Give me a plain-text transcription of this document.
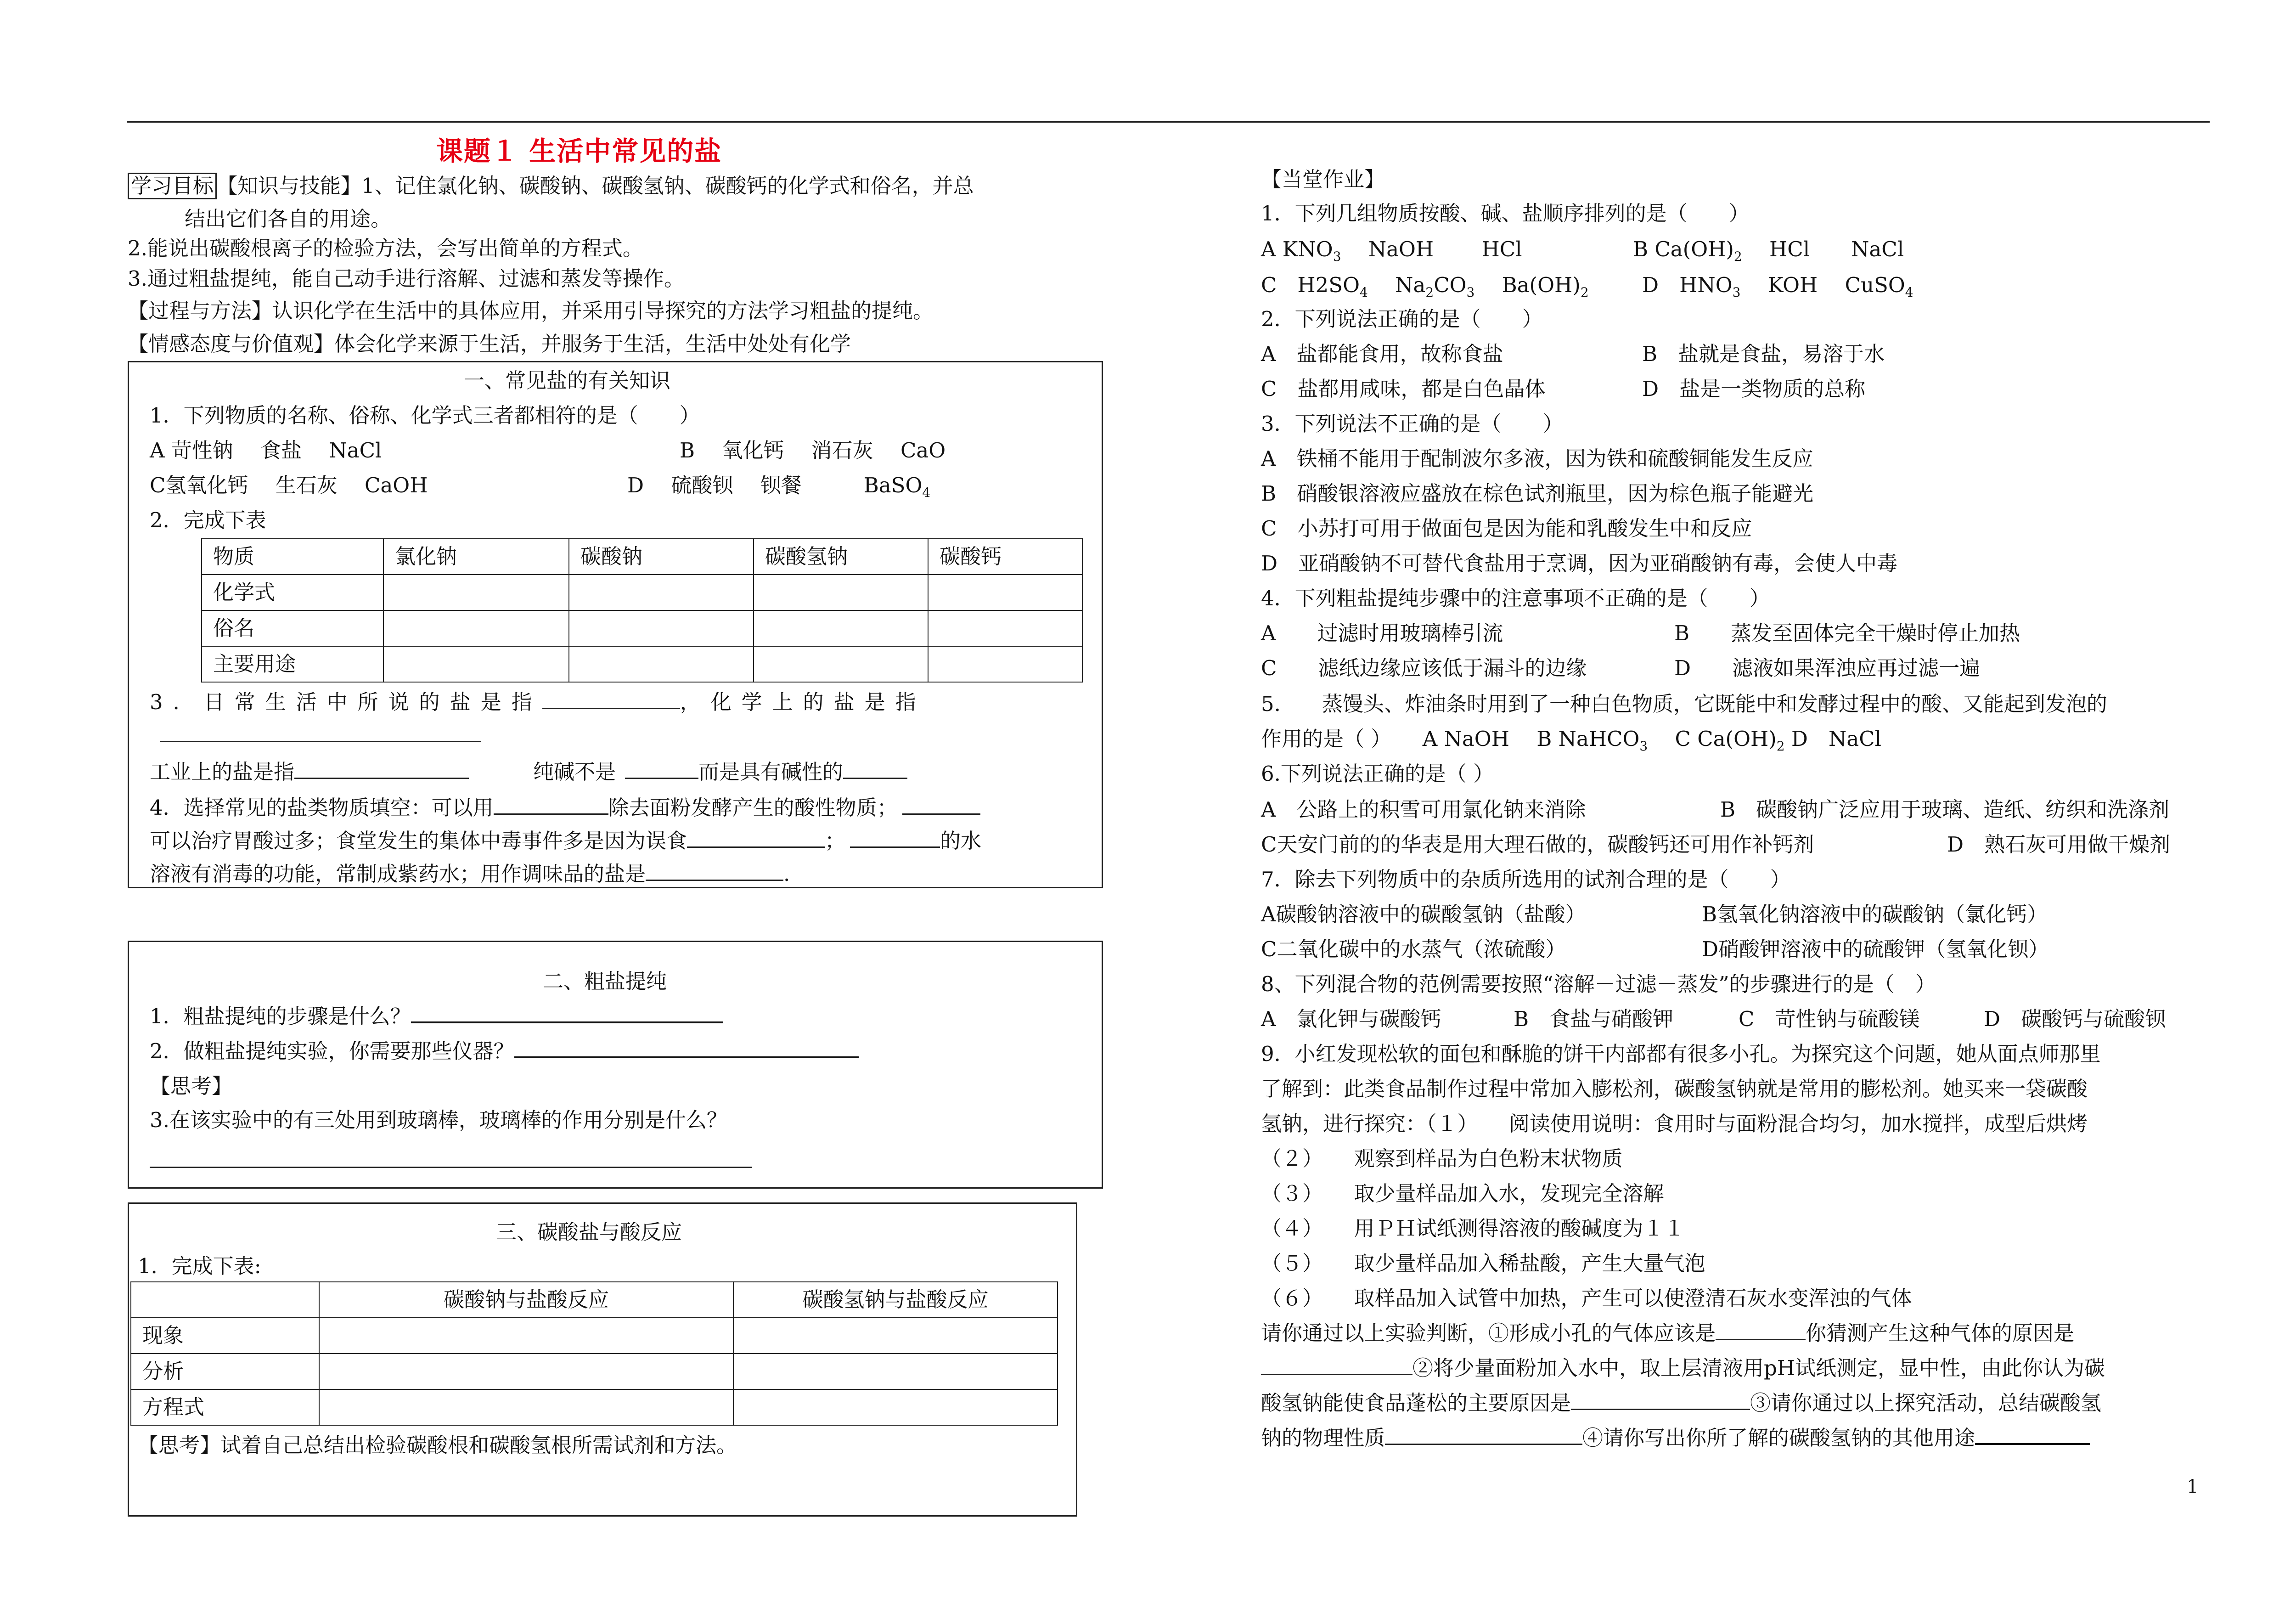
课题１ 生活中常见的盐
学习目标 【知识与技能】1、记住氯化钠、碳酸钠、碳酸氢钠、碳酸钙的化学式和俗名，并总
结出它们各自的用途。
2.能说出碳酸根离子的检验方法，会写出简单的方程式。
3.通过粗盐提纯，能自己动手进行溶解、过滤和蒸发等操作。
【过程与方法】认识化学在生活中的具体应用，并采用引导探究的方法学习粗盐的提纯。
【情感态度与价值观】体会化学来源于生活，并服务于生活，生活中处处有化学
一、常见盐的有关知识
1．下列物质的名称、俗称、化学式三者都相符的是（　　）
A 苛性钠　 食盐　 NaCl	B　 氧化钙　 消石灰　 CaO
C氢氧化钙　 生石灰　 CaOH	D　 硫酸钡　 钡餐　　　	BaSO$_4$
2．完成下表
物质	氯化钠	碳酸钠	碳酸氢钠	碳酸钙
化学式				
俗名				
主要用途				
3．日常生活中所说的盐是指	，化学上的盐是指
工业上的盐是指	纯碱不是	而是具有碱性的
4．选择常见的盐类物质填空：可以用	除去面粉发酵产生的酸性物质；
可以治疗胃酸过多；食堂发生的集体中毒事件多是因为误食	；	的水
溶液有消毒的功能，常制成紫药水；用作调味品的盐是	.
二、粗盐提纯
1．粗盐提纯的步骤是什么？
2．做粗盐提纯实验，你需要那些仪器？
【思考】
3.在该实验中的有三处用到玻璃棒，玻璃棒的作用分别是什么？
三、碳酸盐与酸反应
1．完成下表:
	碳酸钠与盐酸反应	碳酸氢钠与盐酸反应
现象		
分析		
方程式		
【思考】试着自己总结出检验碳酸根和碳酸氢根所需试剂和方法。
【当堂作业】
1．下列几组物质按酸、碱、盐顺序排列的是（　　）
A $KNO_3$　 NaOH　　 HCl	B $Ca(OH)_2$　 HCl　　NaCl
C　$H2SO_4$　 $Na_2CO_3$　 $Ba(OH)_2$	D　$HNO_3$　 KOH　 CuSO$_4$
2．下列说法正确的是（　　）
A　盐都能食用，故称食盐	B　盐就是食盐，易溶于水
C　盐都用咸味，都是白色晶体	D　盐是一类物质的总称
3．下列说法不正确的是（　　）
A　铁桶不能用于配制波尔多液，因为铁和硫酸铜能发生反应
B　硝酸银溶液应盛放在棕色试剂瓶里，因为棕色瓶子能避光
C　小苏打可用于做面包是因为能和乳酸发生中和反应
D　亚硝酸钠不可替代食盐用于烹调，因为亚硝酸钠有毒，会使人中毒
4．下列粗盐提纯步骤中的注意事项不正确的是（　　）
A　　过滤时用玻璃棒引流	B　　蒸发至固体完全干燥时停止加热
C　　滤纸边缘应该低于漏斗的边缘	D　　滤液如果浑浊应再过滤一遍
5.　　蒸馒头、炸油条时用到了一种白色物质，它既能中和发酵过程中的酸、又能起到发泡的
作用的是（ ）　　A NaOH　 B NaHCO$_3$　 C $Ca(OH)_2$ D　NaCl
6.下列说法正确的是（ ）
A　公路上的积雪可用氯化钠来消除	B　碳酸钠广泛应用于玻璃、造纸、纺织和洗涤剂
C天安门前的的华表是用大理石做的，碳酸钙还可用作补钙剂	D　熟石灰可用做干燥剂
7．除去下列物质中的杂质所选用的试剂合理的是（　　）
A碳酸钠溶液中的碳酸氢钠（盐酸）	B氢氧化钠溶液中的碳酸钠（氯化钙）
C二氧化碳中的水蒸气（浓硫酸）	D硝酸钾溶液中的硫酸钾（氢氧化钡）
8、下列混合物的范例需要按照“溶解－过滤－蒸发”的步骤进行的是（　）
A　氯化钾与碳酸钙	B　食盐与硝酸钾	C　苛性钠与硫酸镁	D　碳酸钙与硫酸钡
9．小红发现松软的面包和酥脆的饼干内部都有很多小孔。为探究这个问题，她从面点师那里
了解到：此类食品制作过程中常加入膨松剂，碳酸氢钠就是常用的膨松剂。她买来一袋碳酸
氢钠，进行探究：（１）　　阅读使用说明：食用时与面粉混合均匀，加水搅拌，成型后烘烤
（２）　　观察到样品为白色粉末状物质
（３）　　取少量样品加入水，发现完全溶解
（４）　　用ＰＨ试纸测得溶液的酸碱度为１１
（５）　　取少量样品加入稀盐酸，产生大量气泡
（６）　　取样品加入试管中加热，产生可以使澄清石灰水变浑浊的气体
请你通过以上实验判断，①形成小孔的气体应该是	你猜测产生这种气体的原因是
②将少量面粉加入水中，取上层清液用pH试纸测定，显中性，由此你认为碳
酸氢钠能使食品蓬松的主要原因是	③请你通过以上探究活动，总结碳酸氢
钠的物理性质	④请你写出你所了解的碳酸氢钠的其他用途
1
